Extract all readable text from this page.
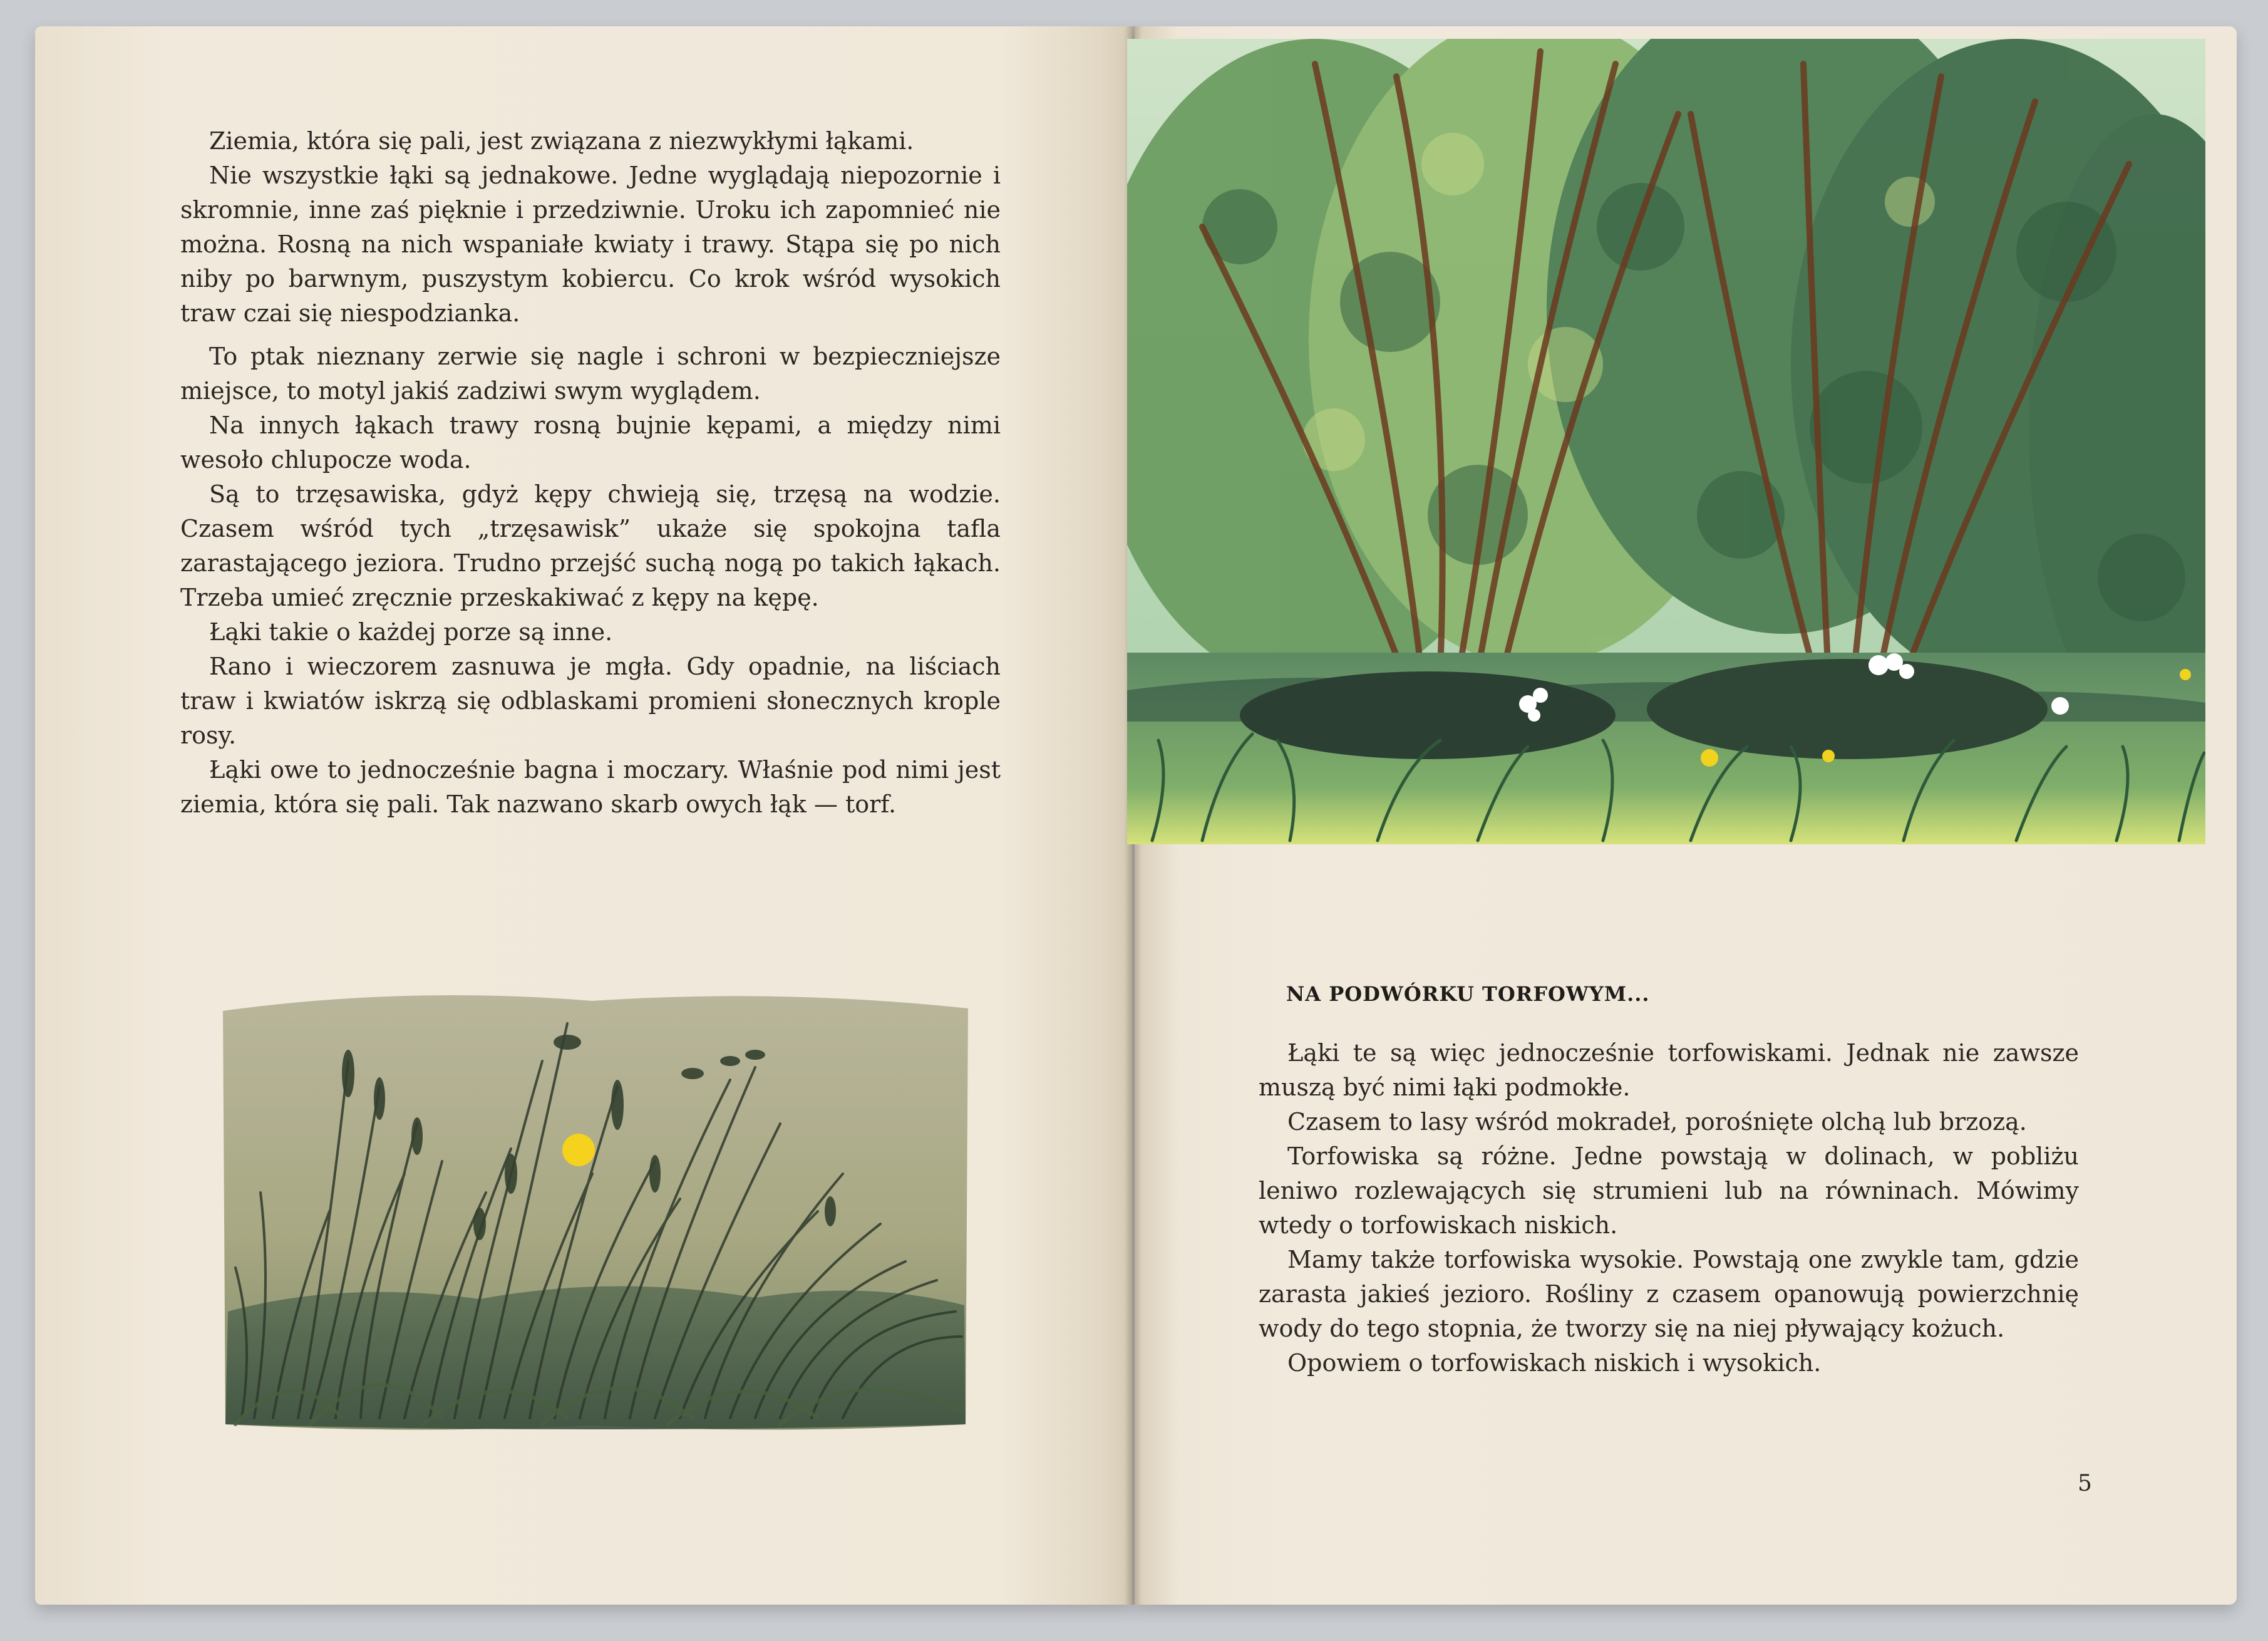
Ziemia, która się pali, jest związana z niezwykłymi łąkami.

Nie wszystkie łąki są jednakowe. Jedne wyglądają niepozornie i skromnie, inne zaś pięknie i przedziwnie. Uroku ich zapomnieć nie można. Rosną na nich wspaniałe kwiaty i trawy. Stąpa się po nich niby po barwnym, puszystym kobiercu. Co krok wśród wysokich traw czai się niespodzianka.

To ptak nieznany zerwie się nagle i schroni w bezpieczniejsze miejsce, to motyl jakiś zadziwi swym wyglądem.

Na innych łąkach trawy rosną bujnie kępami, a między nimi wesoło chlupocze woda.

Są to trzęsawiska, gdyż kępy chwieją się, trzęsą na wodzie. Czasem wśród tych „trzęsawisk” ukaże się spokojna tafla zarastającego jeziora. Trudno przejść suchą nogą po takich łąkach. Trzeba umieć zręcznie przeskakiwać z kępy na kępę.

Łąki takie o każdej porze są inne.

Rano i wieczorem zasnuwa je mgła. Gdy opadnie, na liściach traw i kwiatów iskrzą się odblaskami promieni słonecznych krople rosy.

Łąki owe to jednocześnie bagna i moczary. Właśnie pod nimi jest ziemia, która się pali. Tak nazwano skarb owych łąk — torf.

NA PODWÓRKU TORFOWYM...

Łąki te są więc jednocześnie torfowiskami. Jednak nie zawsze muszą być nimi łąki podmokłe.

Czasem to lasy wśród mokradeł, porośnięte olchą lub brzozą.

Torfowiska są różne. Jedne powstają w dolinach, w pobliżu leniwo rozlewających się strumieni lub na równinach. Mówimy wtedy o torfowiskach niskich.

Mamy także torfowiska wysokie. Powstają one zwykle tam, gdzie zarasta jakieś jezioro. Rośliny z czasem opanowują powierzchnię wody do tego stopnia, że tworzy się na niej pływający kożuch.

Opowiem o torfowiskach niskich i wysokich.

5
